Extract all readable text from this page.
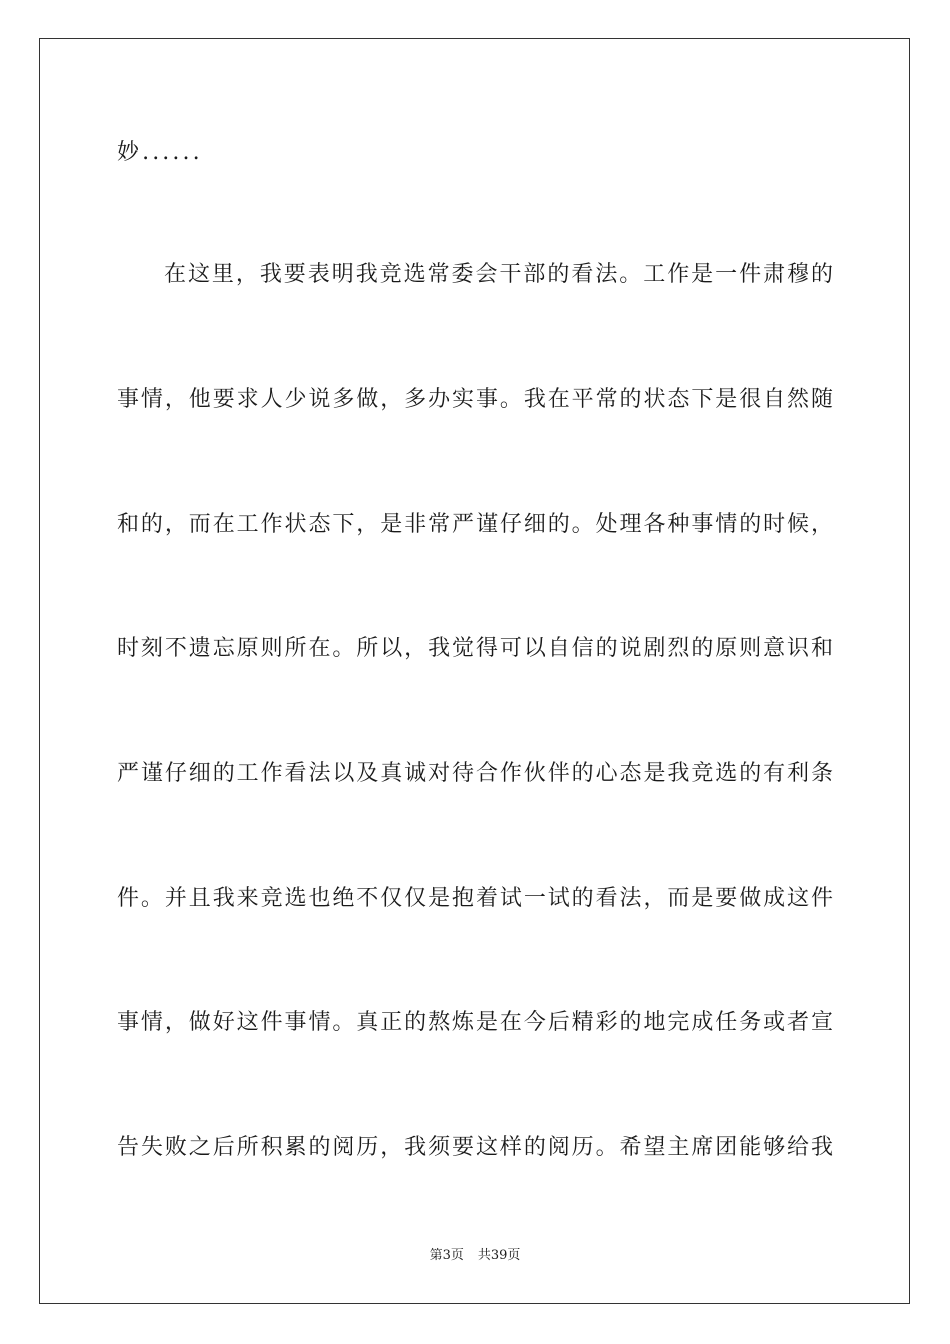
妙......

在这里，我要表明我竞选常委会干部的看法。工作是一件肃穆的

事情，他要求人少说多做，多办实事。我在平常的状态下是很自然随

和的，而在工作状态下，是非常严谨仔细的。处理各种事情的时候，

时刻不遗忘原则所在。所以，我觉得可以自信的说剧烈的原则意识和

严谨仔细的工作看法以及真诚对待合作伙伴的心态是我竞选的有利条

件。并且我来竞选也绝不仅仅是抱着试一试的看法，而是要做成这件

事情，做好这件事情。真正的熬炼是在今后精彩的地完成任务或者宣

告失败之后所积累的阅历，我须要这样的阅历。希望主席团能够给我

第3页 共39页
